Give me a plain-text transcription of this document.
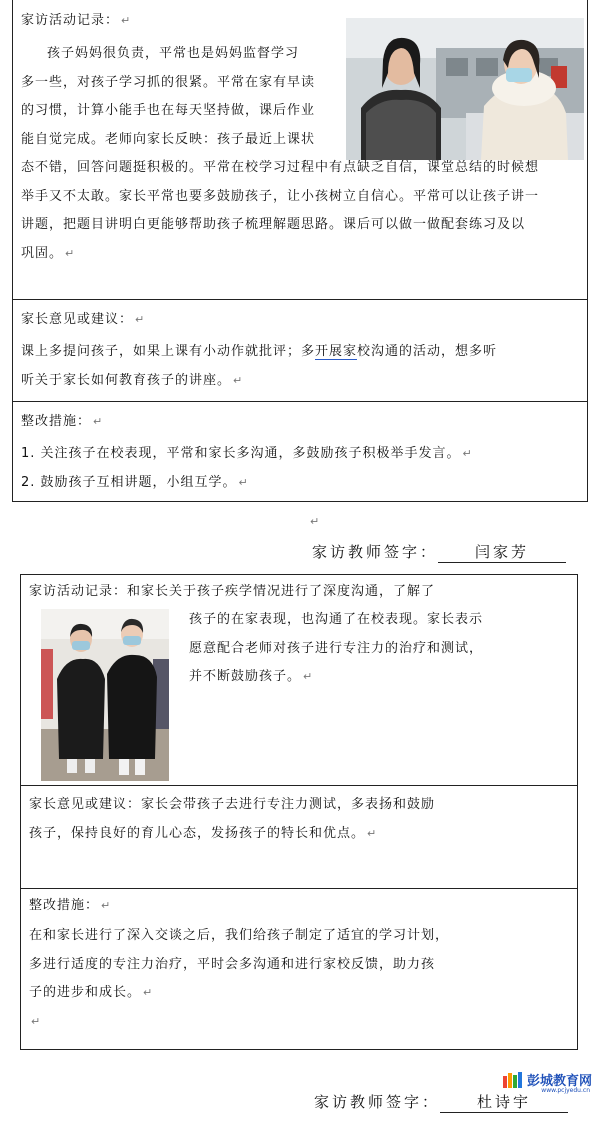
家访活动记录： ↵
孩子妈妈很负责，平常也是妈妈监督学习
多一些，对孩子学习抓的很紧。平常在家有早读
的习惯，计算小能手也在每天坚持做，课后作业
能自觉完成。老师向家长反映：孩子最近上课状
态不错，回答问题挺积极的。平常在校学习过程中有点缺乏自信，课堂总结的时候想
举手又不太敢。家长平常也要多鼓励孩子，让小孩树立自信心。平常可以让孩子讲一
讲题，把题目讲明白更能够帮助孩子梳理解题思路。课后可以做一做配套练习及以
巩固。 ↵
家长意见或建议： ↵
课上多提问孩子，如果上课有小动作就批评；多开展家校沟通的活动，想多听
听关于家长如何教育孩子的讲座。 ↵
整改措施： ↵
1. 关注孩子在校表现，平常和家长多沟通，多鼓励孩子积极举手发言。 ↵
2. 鼓励孩子互相讲题，小组互学。 ↵
↵
家访教师签字： 闫家芳
家访活动记录：和家长关于孩子疾学情况进行了深度沟通，了解了
孩子的在家表现，也沟通了在校表现。家长表示
愿意配合老师对孩子进行专注力的治疗和测试，
并不断鼓励孩子。 ↵
家长意见或建议：家长会带孩子去进行专注力测试，多表扬和鼓励
孩子，保持良好的育儿心态，发扬孩子的特长和优点。 ↵
整改措施： ↵
在和家长进行了深入交谈之后，我们给孩子制定了适宜的学习计划，
多进行适度的专注力治疗，平时会多沟通和进行家校反馈，助力孩
子的进步和成长。 ↵
↵
彭城教育网
www.pcjyedu.cn
家访教师签字： 杜诗宇
